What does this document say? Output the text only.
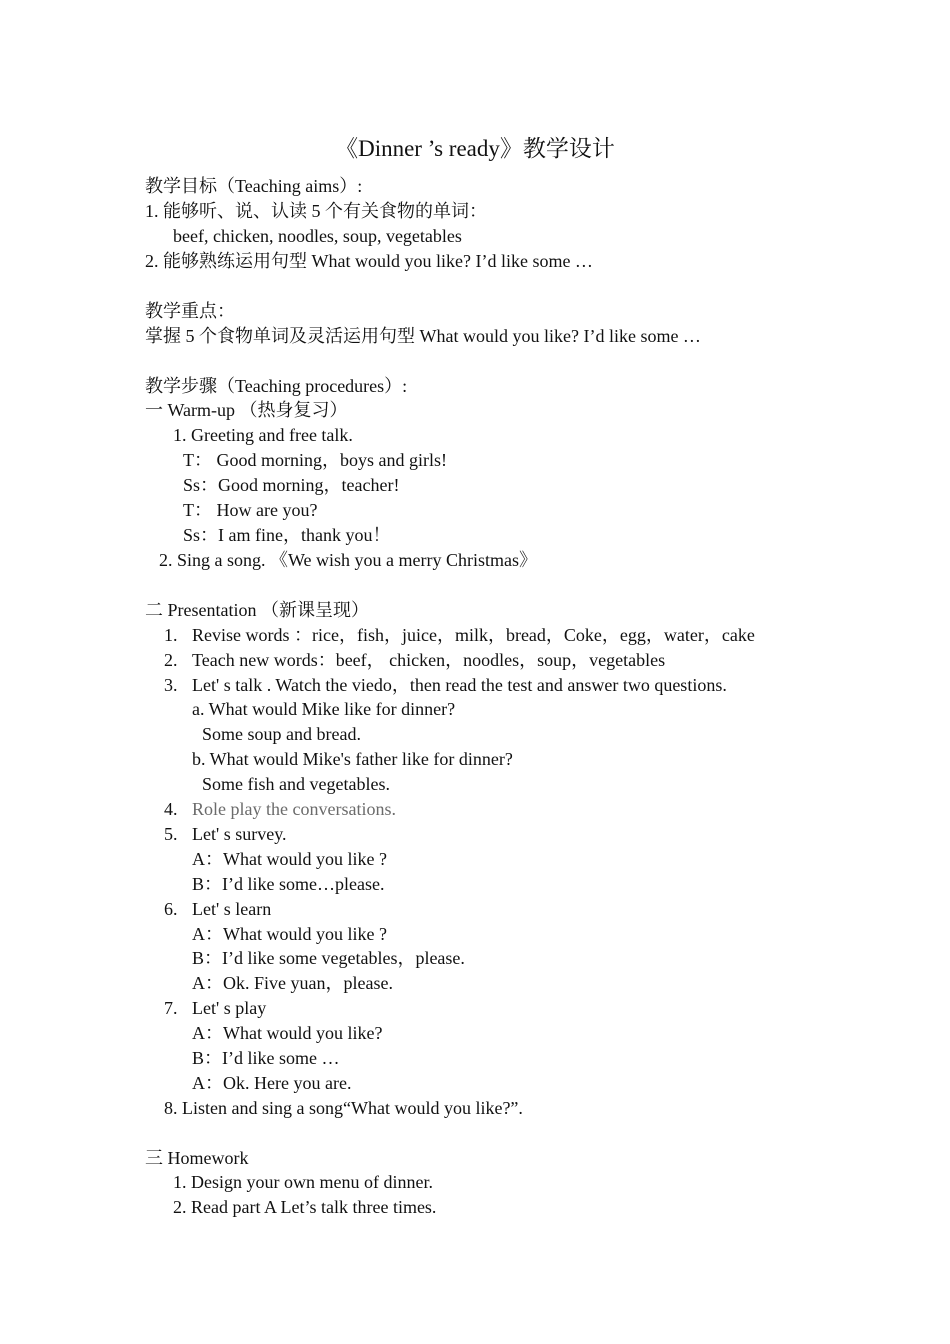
《Dinner ’s ready》教学设计
教学目标（Teaching aims）:
1. 能够听、说、认读 5 个有关食物的单词：
beef, chicken, noodles, soup, vegetables
2. 能够熟练运用句型 What would you like? I’d like some …
教学重点：
掌握 5 个食物单词及灵活运用句型 What would you like? I’d like some …
教学步骤（Teaching procedures）:
一 Warm-up （热身复习）
1. Greeting and free talk.
T： Good morning，boys and girls!
Ss：Good morning，teacher!
T： How are you?
Ss：I am fine，thank you！
2. Sing a song. 《We wish you a merry Christmas》
二 Presentation （新课呈现）
1. Revise words ：rice，fish，juice，milk，bread，Coke，egg，water，cake
2. Teach new words：beef， chicken，noodles，soup，vegetables
3. Let' s talk . Watch the viedo，then read the test and answer two questions.
a. What would Mike like for dinner?
Some soup and bread.
b. What would Mike's father like for dinner?
Some fish and vegetables.
4. Role play the conversations.
5. Let' s survey.
A：What would you like ?
B：I’d like some…please.
6. Let' s learn
A：What would you like ?
B：I’d like some vegetables，please.
A：Ok. Five yuan，please.
7. Let' s play
A：What would you like?
B：I’d like some …
A：Ok. Here you are.
8. Listen and sing a song“What would you like?”.
三 Homework
1. Design your own menu of dinner.
2. Read part A Let’s talk three times.
